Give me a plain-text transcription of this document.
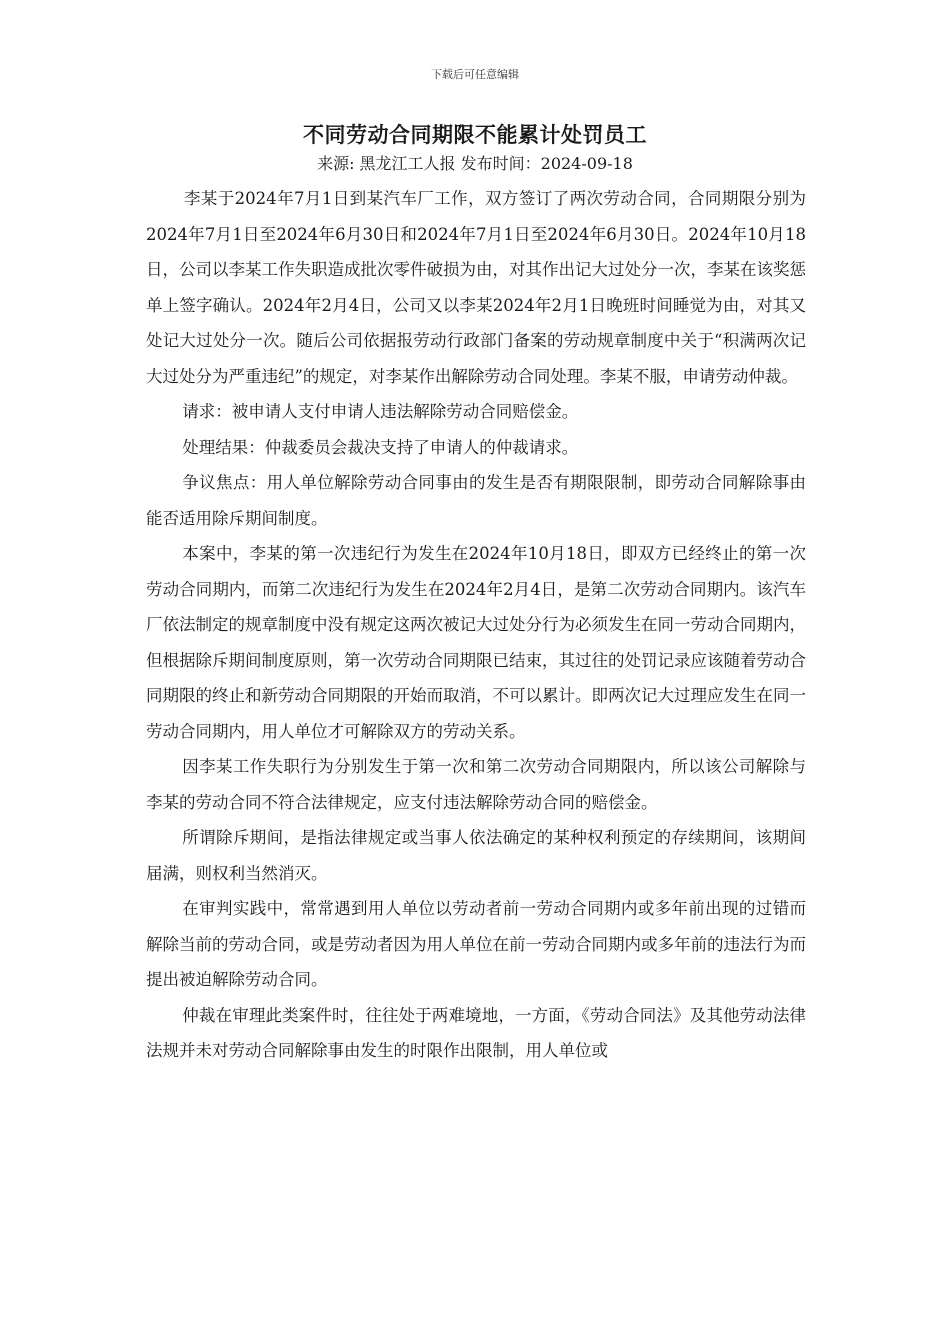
下载后可任意编辑
不同劳动合同期限不能累计处罚员工
来源: 黑龙江工人报 发布时间：2024-09-18

李某于2024年7月1日到某汽车厂工作，双方签订了两次劳动合同，合同期限分别为2024年7月1日至2024年6月30日和2024年7月1日至2024年6月30日。2024年10月18日，公司以李某工作失职造成批次零件破损为由，对其作出记大过处分一次，李某在该奖惩单上签字确认。2024年2月4日，公司又以李某2024年2月1日晚班时间睡觉为由，对其又处记大过处分一次。随后公司依据报劳动行政部门备案的劳动规章制度中关于“积满两次记大过处分为严重违纪”的规定，对李某作出解除劳动合同处理。李某不服，申请劳动仲裁。

请求：被申请人支付申请人违法解除劳动合同赔偿金。

处理结果：仲裁委员会裁决支持了申请人的仲裁请求。

争议焦点：用人单位解除劳动合同事由的发生是否有期限限制，即劳动合同解除事由能否适用除斥期间制度。

本案中，李某的第一次违纪行为发生在2024年10月18日，即双方已经终止的第一次劳动合同期内，而第二次违纪行为发生在2024年2月4日，是第二次劳动合同期内。该汽车厂依法制定的规章制度中没有规定这两次被记大过处分行为必须发生在同一劳动合同期内，但根据除斥期间制度原则，第一次劳动合同期限已结束，其过往的处罚记录应该随着劳动合同期限的终止和新劳动合同期限的开始而取消，不可以累计。即两次记大过理应发生在同一劳动合同期内，用人单位才可解除双方的劳动关系。

因李某工作失职行为分别发生于第一次和第二次劳动合同期限内，所以该公司解除与李某的劳动合同不符合法律规定，应支付违法解除劳动合同的赔偿金。

所谓除斥期间，是指法律规定或当事人依法确定的某种权利预定的存续期间，该期间届满，则权利当然消灭。

在审判实践中，常常遇到用人单位以劳动者前一劳动合同期内或多年前出现的过错而解除当前的劳动合同，或是劳动者因为用人单位在前一劳动合同期内或多年前的违法行为而提出被迫解除劳动合同。

仲裁在审理此类案件时，往往处于两难境地，一方面，《劳动合同法》及其他劳动法律法规并未对劳动合同解除事由发生的时限作出限制，用人单位或
